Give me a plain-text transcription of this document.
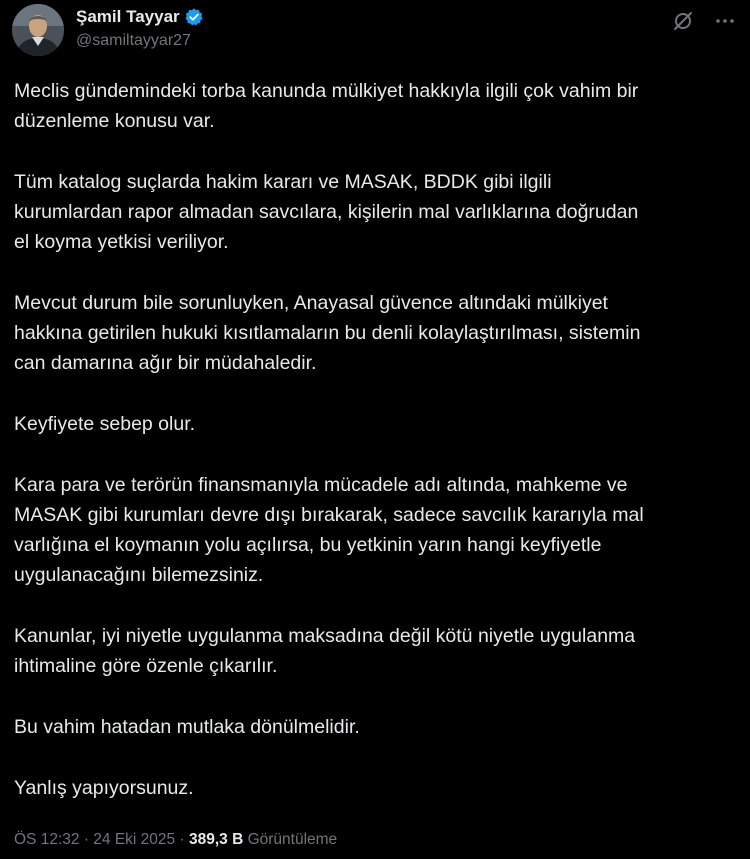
Şamil Tayyar
@samiltayyar27

Meclis gündemindeki torba kanunda mülkiyet hakkıyla ilgili çok vahim bir
düzenleme konusu var.

Tüm katalog suçlarda hakim kararı ve MASAK, BDDK gibi ilgili
kurumlardan rapor almadan savcılara, kişilerin mal varlıklarına doğrudan
el koyma yetkisi veriliyor.

Mevcut durum bile sorunluyken, Anayasal güvence altındaki mülkiyet
hakkına getirilen hukuki kısıtlamaların bu denli kolaylaştırılması, sistemin
can damarına ağır bir müdahaledir.

Keyfiyete sebep olur.

Kara para ve terörün finansmanıyla mücadele adı altında, mahkeme ve
MASAK gibi kurumları devre dışı bırakarak, sadece savcılık kararıyla mal
varlığına el koymanın yolu açılırsa, bu yetkinin yarın hangi keyfiyetle
uygulanacağını bilemezsiniz.

Kanunlar, iyi niyetle uygulanma maksadına değil kötü niyetle uygulanma
ihtimaline göre özenle çıkarılır.

Bu vahim hatadan mutlaka dönülmelidir.

Yanlış yapıyorsunuz.

ÖS 12:32 · 24 Eki 2025 · 389,3 B Görüntüleme
